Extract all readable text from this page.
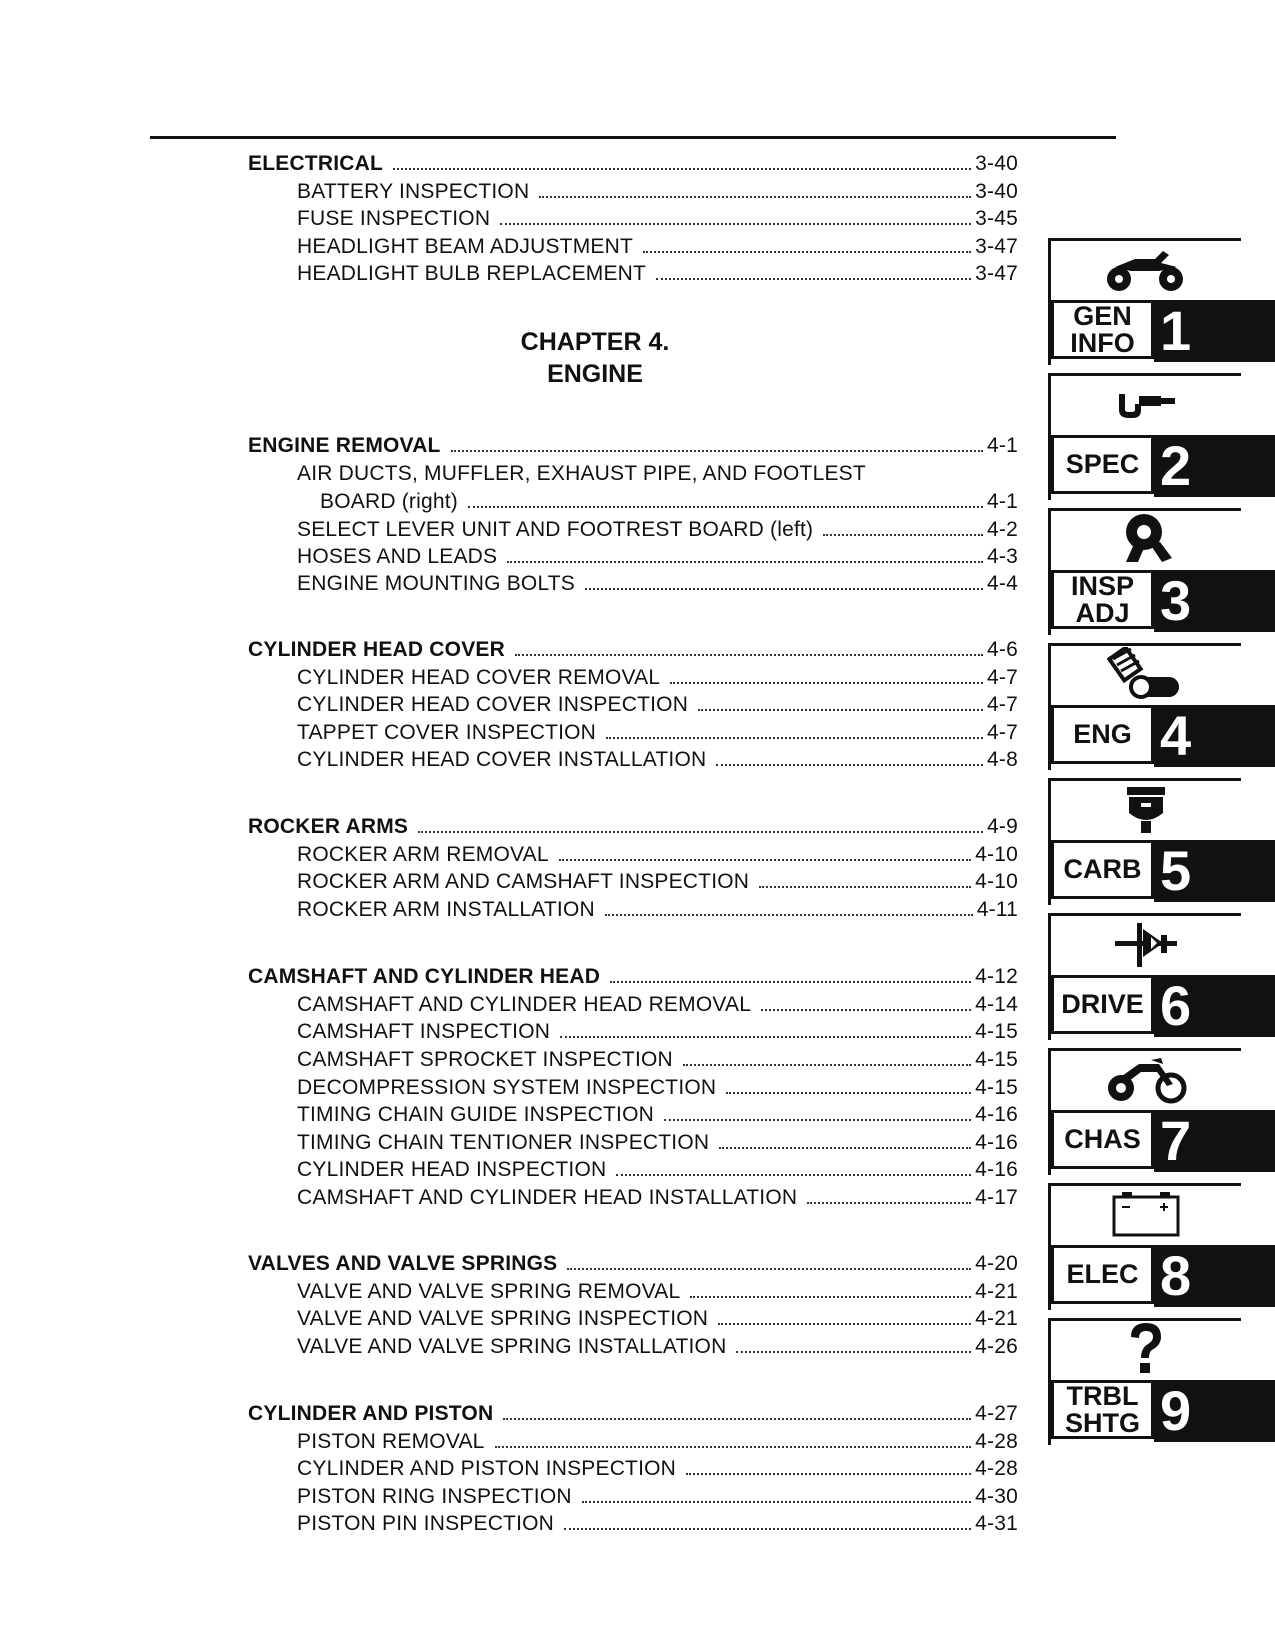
ELECTRICAL	3-40
BATTERY INSPECTION	3-40
FUSE INSPECTION	3-45
HEADLIGHT BEAM ADJUSTMENT	3-47
HEADLIGHT BULB REPLACEMENT	3-47
CHAPTER 4.
ENGINE
ENGINE REMOVAL	4-1
AIR DUCTS, MUFFLER, EXHAUST PIPE, AND FOOTLEST
BOARD (right)	4-1
SELECT LEVER UNIT AND FOOTREST BOARD (left)	4-2
HOSES AND LEADS	4-3
ENGINE MOUNTING BOLTS	4-4
CYLINDER HEAD COVER	4-6
CYLINDER HEAD COVER REMOVAL	4-7
CYLINDER HEAD COVER INSPECTION	4-7
TAPPET COVER INSPECTION	4-7
CYLINDER HEAD COVER INSTALLATION	4-8
ROCKER ARMS	4-9
ROCKER ARM REMOVAL	4-10
ROCKER ARM AND CAMSHAFT INSPECTION	4-10
ROCKER ARM INSTALLATION	4-11
CAMSHAFT AND CYLINDER HEAD	4-12
CAMSHAFT AND CYLINDER HEAD REMOVAL	4-14
CAMSHAFT INSPECTION	4-15
CAMSHAFT SPROCKET INSPECTION	4-15
DECOMPRESSION SYSTEM INSPECTION	4-15
TIMING CHAIN GUIDE INSPECTION	4-16
TIMING CHAIN TENTIONER INSPECTION	4-16
CYLINDER HEAD INSPECTION	4-16
CAMSHAFT AND CYLINDER HEAD INSTALLATION	4-17
VALVES AND VALVE SPRINGS	4-20
VALVE AND VALVE SPRING REMOVAL	4-21
VALVE AND VALVE SPRING INSPECTION	4-21
VALVE AND VALVE SPRING INSTALLATION	4-26
CYLINDER AND PISTON	4-27
PISTON REMOVAL	4-28
CYLINDER AND PISTON INSPECTION	4-28
PISTON RING INSPECTION	4-30
PISTON PIN INSPECTION	4-31
GEN
INFO 1
SPEC 2
INSP
ADJ 3
ENG 4
CARB 5
DRIVE 6
CHAS 7
ELEC 8
TRBL
SHTG 9
